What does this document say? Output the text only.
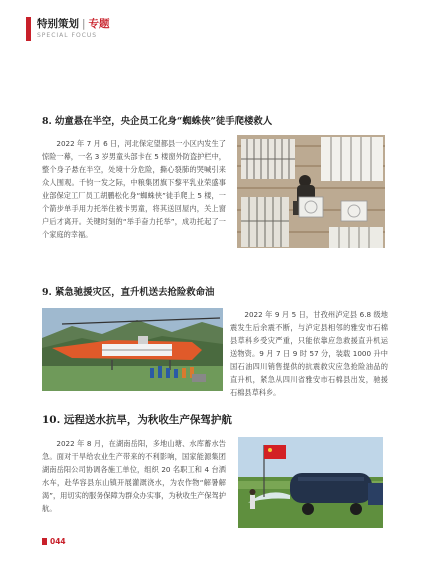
特别策划 | 专题
SPECIAL FOCUS
8. 幼童悬在半空，央企员工化身“蜘蛛侠”徒手爬楼救人

2022 年 7 月 6 日，河北保定望都县一小区内发生了惊险一幕，一名 3 岁男童头部卡在 5 楼窗外防盗护栏中，整个身子悬在半空，处境十分危险，撕心裂肺的哭喊引来众人围观。千钧一发之际，中粮集团旗下黎平乳业荣盛事业部保定工厂员工胡鹏松化身“蜘蛛侠”徒手爬上 5 楼，一个箭步单手用力托举住被卡男童，将其送回屋内，关上窗户后才离开。关键时刻的“举手奋力托举”，成功托起了一个家庭的幸福。

9. 紧急驰援灾区，直升机送去抢险救命油

2022 年 9 月 5 日，甘孜州泸定县 6.8 级地震发生后余震不断，与泸定县相邻的雅安市石棉县草科乡受灾严重，只能依靠应急救援直升机运送物资。9 月 7 日 9 时 57 分，装载 1000 升中国石油四川销售提供的抗震救灾应急抢险油品的直升机，紧急从四川省雅安市石棉县出发，驰援石棉县草科乡。

10. 远程送水抗旱，为秋收生产保驾护航

2022 年 8 月，在湖南岳阳，多地山塘、水库蓄水告急。面对干旱给农业生产带来的不利影响，国家能源集团湖南岳阳公司协调各施工单位，组织 20 名职工和 4 台洒水车，赴华容县东山镇开展灌溉浇水，为农作物“解暑解渴”，用切实的服务保障为群众办实事，为秋收生产保驾护航。

044
